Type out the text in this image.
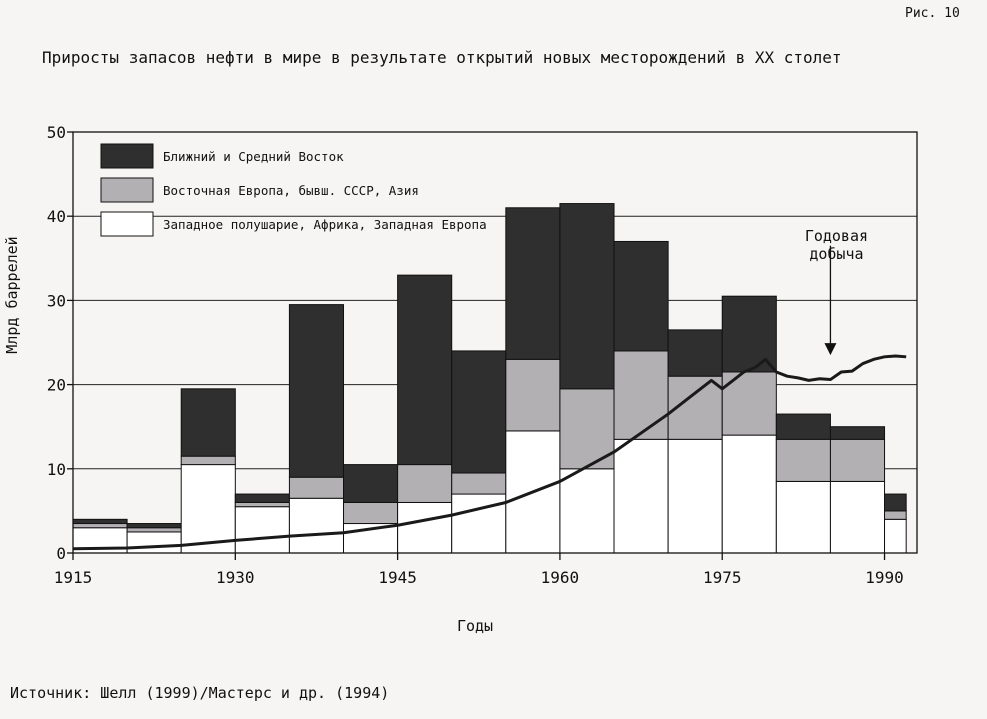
Рис. 10
Приросты запасов нефти в мире в результате открытий новых месторождений в XX столет
0
10
20
30
40
50
1915	1930	1945	1960	1975	1990
Ближний и Средний Восток
Восточная Европа, бывш. СССР, Азия
Западное полушарие, Африка, Западная Европа
Млрд баррелей
Годы
Годовая
добыча
Источник: Шелл (1999)/Мастерс и др. (1994)
